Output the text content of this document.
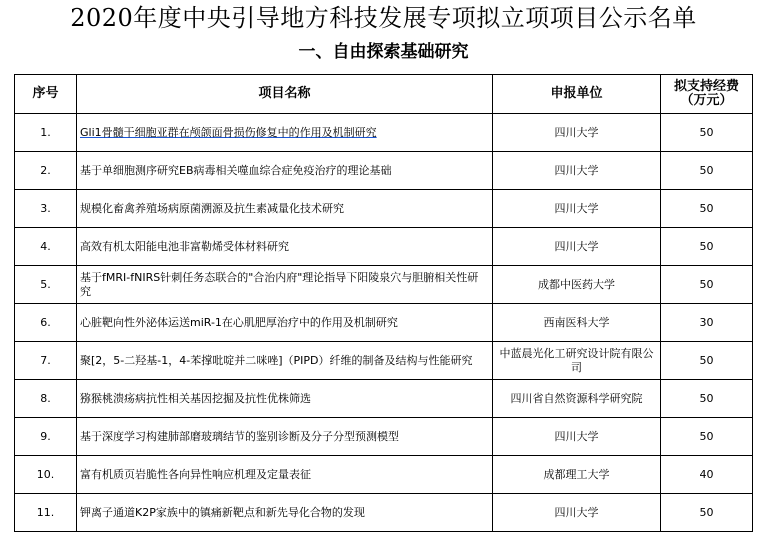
2020年度中央引导地方科技发展专项拟立项项目公示名单
一、自由探索基础研究
序号	项目名称	申报单位	拟支持经费
（万元）

1.	Gli1骨髓干细胞亚群在颅颌面骨损伤修复中的作用及机制研究	四川大学	50
2.	基于单细胞测序研究EB病毒相关噬血综合症免疫治疗的理论基础	四川大学	50
3.	规模化畜禽养殖场病原菌溯源及抗生素减量化技术研究	四川大学	50
4.	高效有机太阳能电池非富勒烯受体材料研究	四川大学	50
5.	基于fMRI-fNIRS针刺任务态联合的"合治内府"理论指导下阳陵泉穴与胆腑相关性研究	成都中医药大学	50
6.	心脏靶向性外泌体运送miR-1在心肌肥厚治疗中的作用及机制研究	西南医科大学	30
7.	聚[2，5-二羟基-1，4-苯撑吡啶并二咪唑]（PIPD）纤维的制备及结构与性能研究	中蓝晨光化工研究设计院有限公司	50
8.	猕猴桃溃疡病抗性相关基因挖掘及抗性优株筛选	四川省自然资源科学研究院	50
9.	基于深度学习构建肺部磨玻璃结节的鉴别诊断及分子分型预测模型	四川大学	50
10.	富有机质页岩脆性各向异性响应机理及定量表征	成都理工大学	40
11.	钾离子通道K2P家族中的镇痛新靶点和新先导化合物的发现	四川大学	50
